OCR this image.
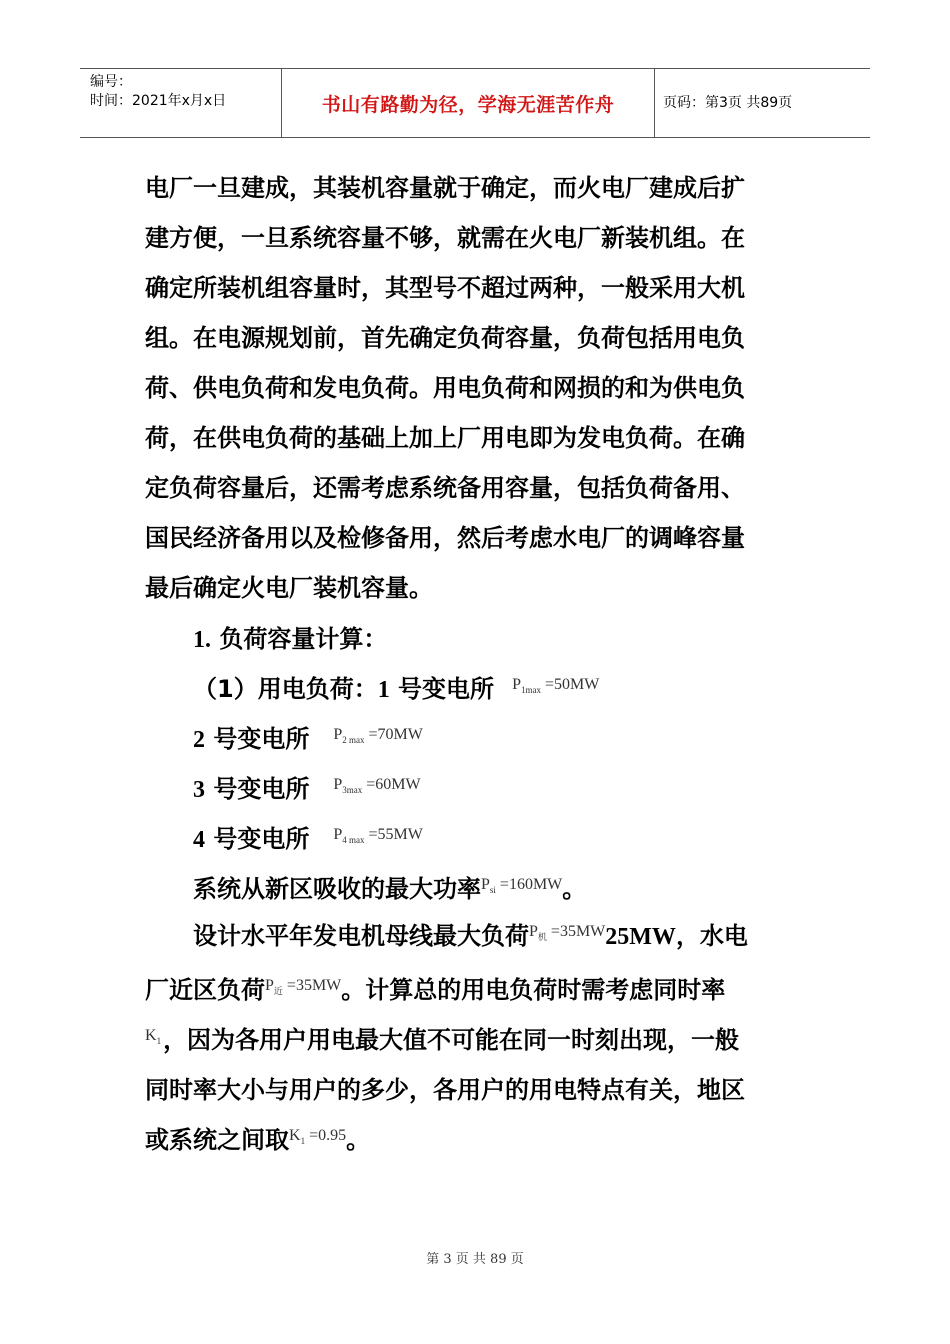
编号：
时间：2021年x月x日	书山有路勤为径，学海无涯苦作舟	页码：第3页 共89页
电厂一旦建成，其装机容量就于确定，而火电厂建成后扩
建方便，一旦系统容量不够，就需在火电厂新装机组。在
确定所装机组容量时，其型号不超过两种，一般采用大机
组。在电源规划前，首先确定负荷容量，负荷包括用电负
荷、供电负荷和发电负荷。用电负荷和网损的和为供电负
荷，在供电负荷的基础上加上厂用电即为发电负荷。在确
定负荷容量后，还需考虑系统备用容量，包括负荷备用、
国民经济备用以及检修备用，然后考虑水电厂的调峰容量
最后确定火电厂装机容量。
1. 负荷容量计算：
（1）用电负荷：1 号变电所 $^{P_{1max} =50MW}$
2 号变电所 $^{P_{2 max} =70MW}$
3 号变电所 $^{P_{3max} =60MW}$
4 号变电所 $^{P_{4 max} =55MW}$
系统从新区吸收的最大功率$^{P_{si} =160MW}$。
设计水平年发电机母线最大负荷$^{P_机 =35MW}$25MW，水电
厂近区负荷$^{P_近 =35MW}$。计算总的用电负荷时需考虑同时率
$^{K_1}$，因为各用户用电最大值不可能在同一时刻出现，一般
同时率大小与用户的多少，各用户的用电特点有关，地区
或系统之间取$^{K_1 =0.95}$。
第 3 页 共 89 页
